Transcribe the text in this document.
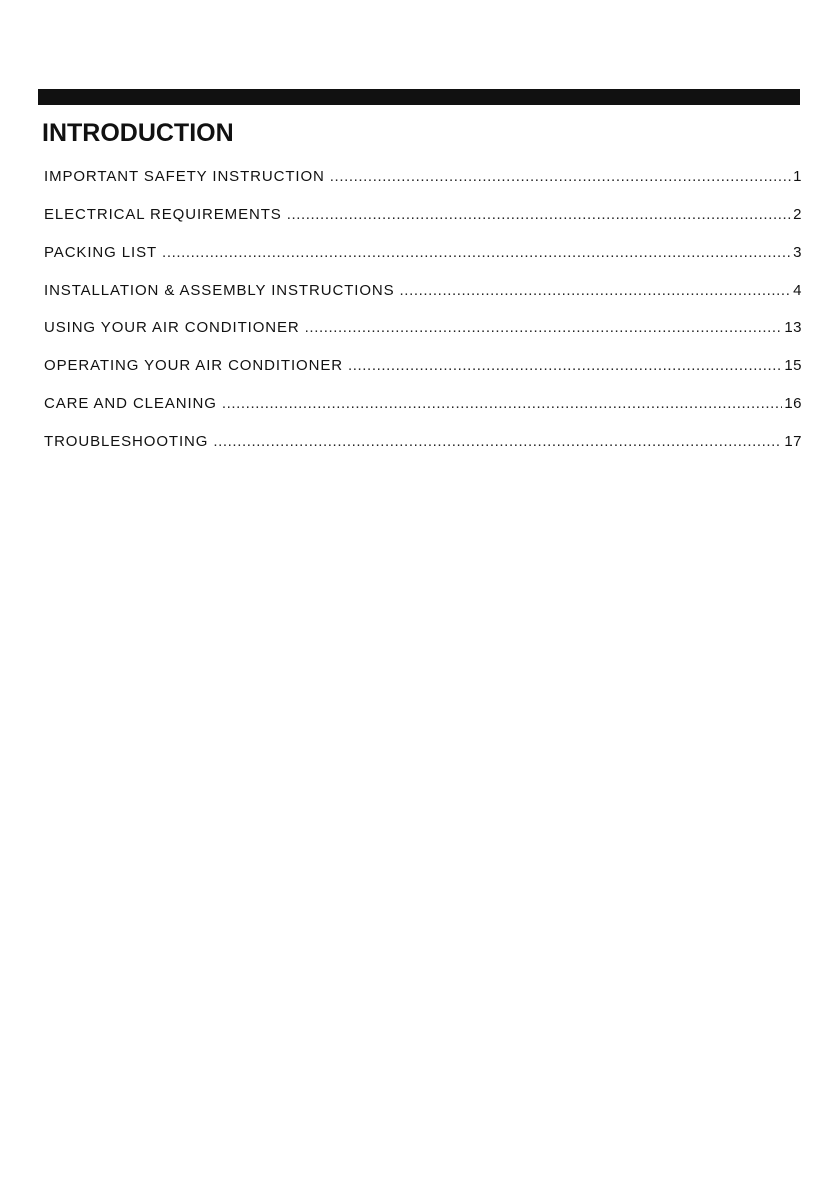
INTRODUCTION
IMPORTANT SAFETY INSTRUCTION .....	1
ELECTRICAL REQUIREMENTS .....	2
PACKING LIST .....	3
INSTALLATION & ASSEMBLY INSTRUCTIONS .....	4
USING YOUR AIR CONDITIONER .....	13
OPERATING YOUR AIR CONDITIONER .....	15
CARE AND CLEANING .....	16
TROUBLESHOOTING .....	17
